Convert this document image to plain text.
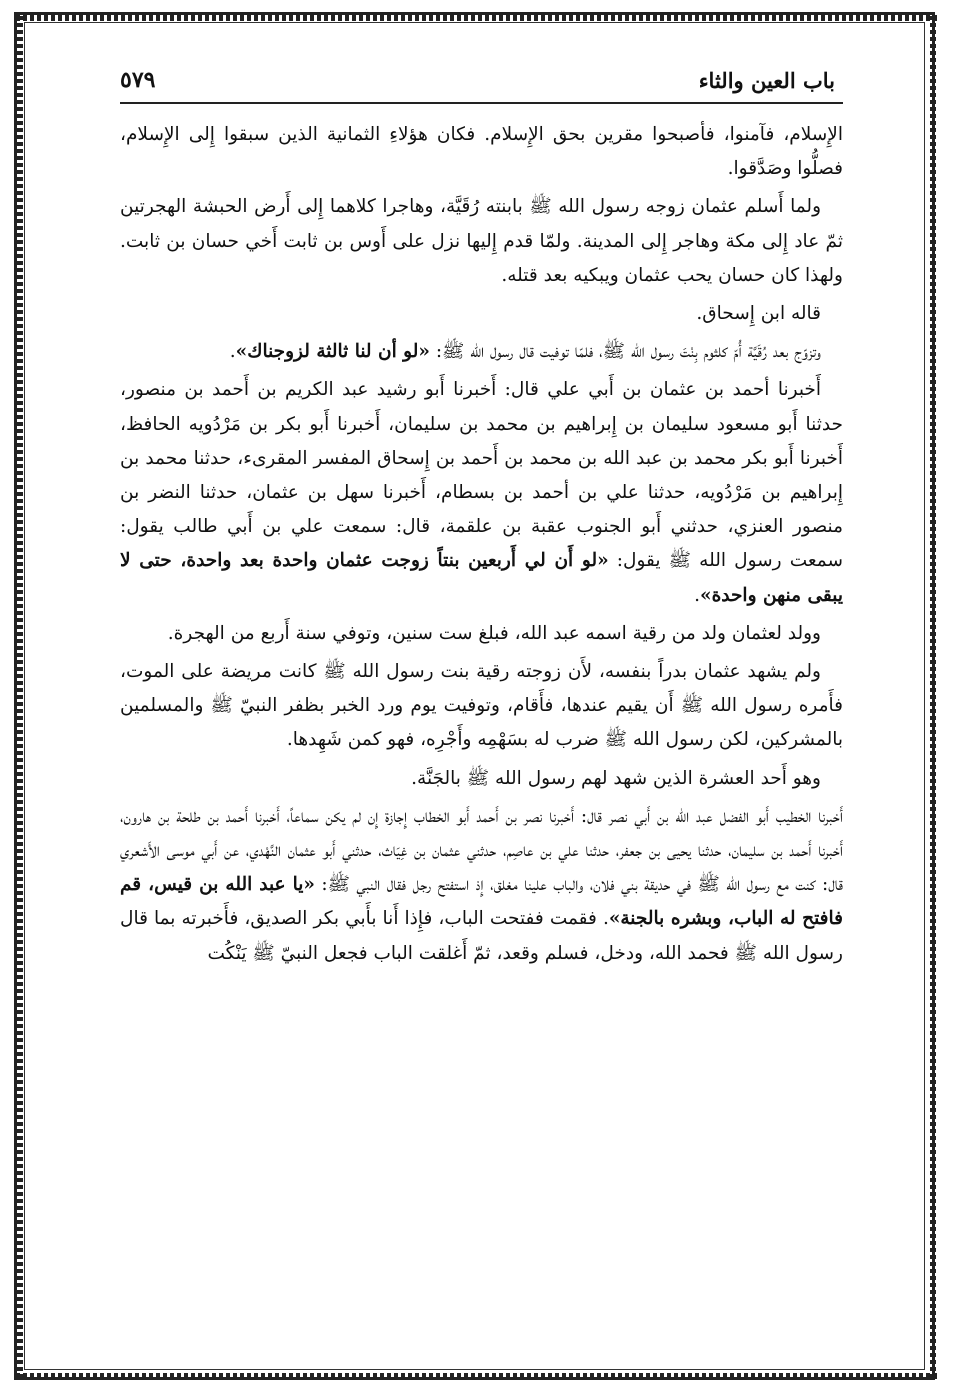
باب العين والثاء
٥٧٩

الإِسلام، فآمنوا، فأصبحوا مقرين بحق الإِسلام. فكان هؤلاءِ الثمانية الذين سبقوا إِلى الإِسلام، فصلُّوا وصَدَّقوا.

ولما أَسلم عثمان زوجه رسول الله ﷺ بابنته رُقَيَّة، وهاجرا كلاهما إِلى أَرض الحبشة الهجرتين ثمّ عاد إِلى مكة وهاجر إِلى المدينة. ولمّا قدم إِليها نزل على أَوس بن ثابت أَخي حسان بن ثابت. ولهذا كان حسان يحب عثمان ويبكيه بعد قتله.

قاله ابن إِسحاق.

وتزوّج بعد رُقَيَّة أُمّ كلثوم بِنْتَ رسول الله ﷺ، فلمّا توفيت قال رسول الله ﷺ: «لو أن لنا ثالثة لزوجناك».

أَخبرنا أحمد بن عثمان بن أَبي علي قال: أَخبرنا أَبو رشيد عبد الكريم بن أَحمد بن منصور، حدثنا أَبو مسعود سليمان بن إِبراهيم بن محمد بن سليمان، أَخبرنا أَبو بكر بن مَرْدُويه الحافظ، أَخبرنا أَبو بكر محمد بن عبد الله بن محمد بن أَحمد بن إِسحاق المفسر المقرىء، حدثنا محمد بن إِبراهيم بن مَرْدُويه، حدثنا علي بن أحمد بن بسطام، أَخبرنا سهل بن عثمان، حدثنا النضر بن منصور العنزي، حدثني أَبو الجنوب عقبة بن علقمة، قال: سمعت علي بن أَبي طالب يقول: سمعت رسول الله ﷺ يقول: «لو أَن لي أَربعين بنتاً زوجت عثمان واحدة بعد واحدة، حتى لا يبقى منهن واحدة».

وولد لعثمان ولد من رقية اسمه عبد الله، فبلغ ست سنين، وتوفي سنة أَربع من الهجرة.

ولم يشهد عثمان بدراً بنفسه، لأَن زوجته رقية بنت رسول الله ﷺ كانت مريضة على الموت، فأَمره رسول الله ﷺ أَن يقيم عندها، فأَقام، وتوفيت يوم ورد الخبر بظفر النبيّ ﷺ والمسلمين بالمشركين، لكن رسول الله ﷺ ضرب له بسَهْمِه وأَجْرِه، فهو كمن شَهِدها.

وهو أَحد العشرة الذين شهد لهم رسول الله ﷺ بالجَنَّة.

أَخبرنا الخطيب أَبو الفضل عبد الله بن أَبي نصر قال: أَخبرنا نصر بن أَحمد أَبو الخطاب إِجازة إِن لم يكن سماعاً، أَخبرنا أَحمد بن طلحة بن هارون، أَخبرنا أَحمد بن سليمان، حدثنا يحيى بن جعفر، حدثنا علي بن عاصِم، حدثني عثمان بن غِيَاث، حدثني أَبو عثمان النَّهْدي، عن أَبي موسى الأَشعري قال: كنت مع رسول الله ﷺ في حديقة بني فلان، والباب علينا مغلق، إِذ استفتح رجل فقال النبي ﷺ: «يا عبد الله بن قيس، قم فافتح له الباب، وبشره بالجنة». فقمت ففتحت الباب، فإِذا أَنا بأَبي بكر الصديق، فأَخبرته بما قال رسول الله ﷺ فحمد الله، ودخل، فسلم وقعد، ثمّ أَغلقت الباب فجعل النبيّ ﷺ يَنْكُت
